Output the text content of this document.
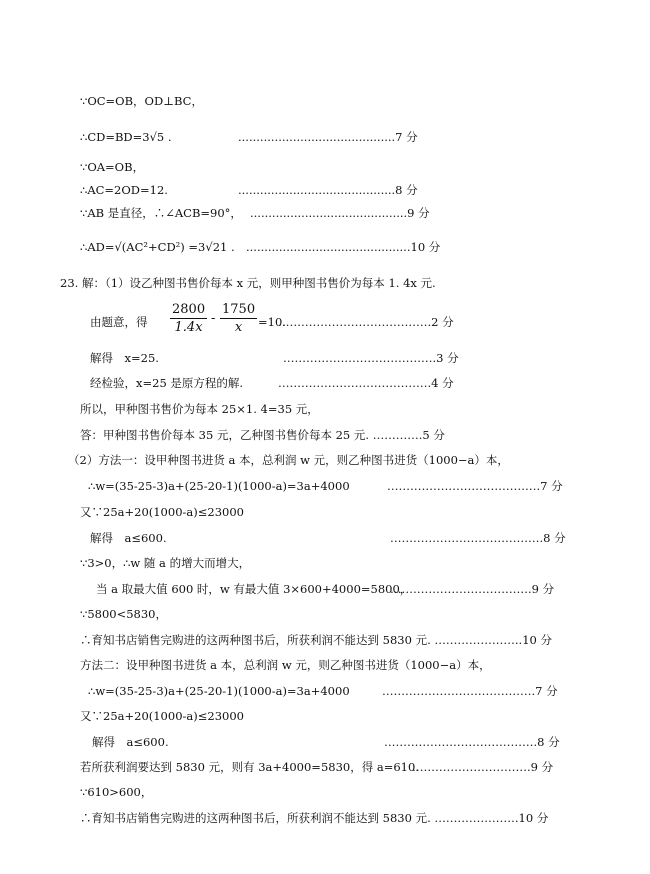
∵OC=OB，OD⊥BC，
∴CD=BD=3√5 .	...........................................7 分
∵OA=OB，
∴AC=2OD=12.	...........................................8 分
∵AB 是直径，∴∠ACB=90°， ...........................................9 分
∴AD=√(AC²+CD²) =3√21 . .............................................10 分
23. 解：（1）设乙种图书售价每本 x 元，则甲种图书售价为每本 1. 4x 元.
由题意，得 $\frac{2800}{1.4x} - \frac{1750}{x} =10$.
………………………………….2 分
解得　x=25.	………………………………….3 分
经检验，x=25 是原方程的解.	………………………………….4 分
所以，甲种图书售价为每本 25×1. 4=35 元，
答：甲种图书售价每本 35 元，乙种图书售价每本 25 元. ………….5 分
（2）方法一：设甲种图书进货 a 本，总利润 w 元，则乙种图书进货（1000−a）本，
∴w=(35-25-3)a+(25-20-1)(1000-a)=3a+4000	………………………………….7 分
又∵25a+20(1000-a)≤23000
解得　a≤600.	………………………………….8 分
∵3>0，∴w 随 a 的增大而增大，
当 a 取最大值 600 时，w 有最大值 3×600+4000=5800，
……………………………….9 分
∵5800<5830，
∴育知书店销售完购进的这两种图书后，所获利润不能达到 5830 元. …………………..10 分
方法二：设甲种图书进货 a 本，总利润 w 元，则乙种图书进货（1000−a）本，
∴w=(35-25-3)a+(25-20-1)(1000-a)=3a+4000	………………………………….7 分
又∵25a+20(1000-a)≤23000
解得　a≤600.	………………………………….8 分
若所获利润要达到 5830 元，则有 3a+4000=5830，得 a=610.
………………………….9 分
∵610>600，
∴育知书店销售完购进的这两种图书后，所获利润不能达到 5830 元. ………………….10 分
